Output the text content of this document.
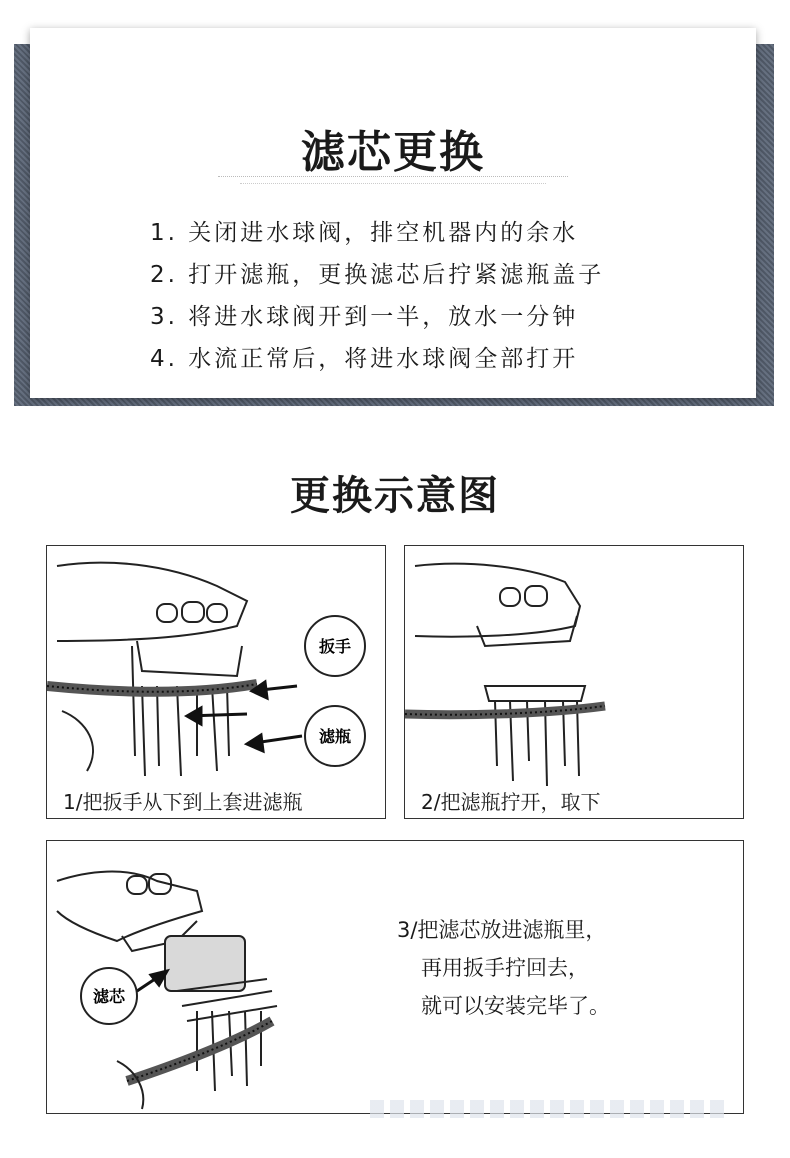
滤芯更换
1. 关闭进水球阀，排空机器内的余水
2. 打开滤瓶，更换滤芯后拧紧滤瓶盖子
3. 将进水球阀开到一半，放水一分钟
4. 水流正常后，将进水球阀全部打开
更换示意图
扳手
滤瓶
1/把扳手从下到上套进滤瓶	2/把滤瓶拧开，取下
滤芯
3/把滤芯放进滤瓶里，
再用扳手拧回去，
就可以安装完毕了。
